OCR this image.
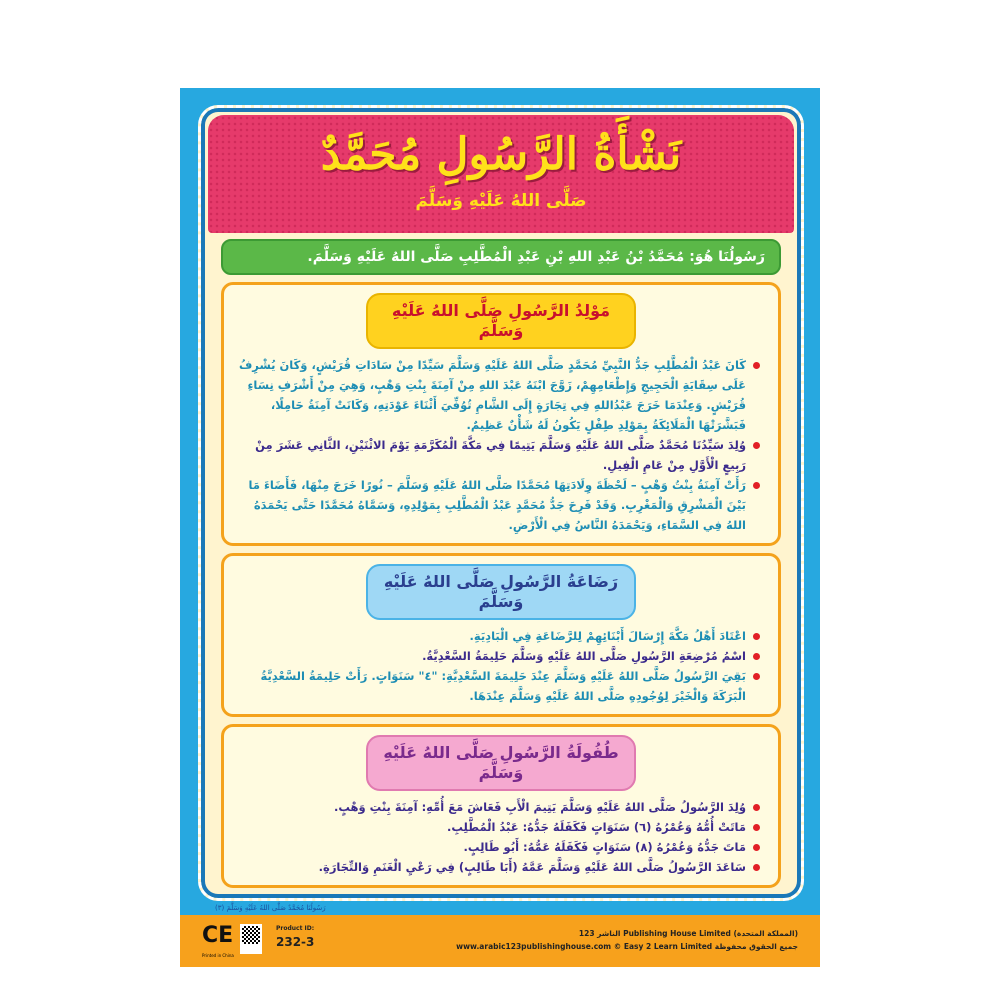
نَشْأَةُ الرَّسُولِ مُحَمَّدٌ
صَلَّى اللهُ عَلَيْهِ وَسَلَّمَ
رَسُولُنَا هُوَ: مُحَمَّدُ بْنُ عَبْدِ اللهِ بْنِ عَبْدِ الْمُطَّلِبِ صَلَّى اللهُ عَلَيْهِ وَسَلَّمَ.
مَوْلِدُ الرَّسُولِ صَلَّى اللهُ عَلَيْهِ وَسَلَّمَ
كَانَ عَبْدُ الْمُطَّلِبِ جَدُّ النَّبِيِّ مُحَمَّدٍ صَلَّى اللهُ عَلَيْهِ وَسَلَّمَ سَيِّدًا مِنْ سَادَاتِ قُرَيْشٍ، وَكَانَ يُشْرِفُ عَلَى سِقَايَةِ الْحَجِيجِ وَإِطْعَامِهِمْ، زَوَّجَ ابْنَهُ عَبْدَ اللهِ مِنْ آمِنَةَ بِنْتِ وَهْبٍ، وَهِيَ مِنْ أَشْرَفِ نِسَاءِ قُرَيْشٍ. وَعِنْدَمَا خَرَجَ عَبْدُاللهِ فِي تِجَارَةٍ إِلَى الشَّامِ تُوُفِّيَ أَثْنَاءَ عَوْدَتِهِ، وَكَانَتْ آمِنَةُ حَامِلًا، فَبَشَّرَتْهَا الْمَلَائِكَةُ بِمَوْلِدِ طِفْلٍ يَكُونُ لَهُ شَأْنٌ عَظِيمٌ.
وُلِدَ سَيِّدُنَا مُحَمَّدٌ صَلَّى اللهُ عَلَيْهِ وَسَلَّمَ يَتِيمًا فِي مَكَّةَ الْمُكَرَّمَةِ يَوْمَ الاثْنَيْنِ، الثَّانِي عَشَرَ مِنْ رَبِيعٍ الْأَوَّلِ مِنْ عَامِ الْفِيلِ.
رَأَتْ آمِنَةُ بِنْتُ وَهْبٍ – لَحْظَةَ وِلَادَتِهَا مُحَمَّدًا صَلَّى اللهُ عَلَيْهِ وَسَلَّمَ – نُورًا خَرَجَ مِنْهَا، فَأَضَاءَ مَا بَيْنَ الْمَشْرِقِ وَالْمَغْرِبِ. وَقَدْ فَرِحَ جَدُّ مُحَمَّدٍ عَبْدُ الْمُطَّلِبِ بِمَوْلِدِهِ، وَسَمَّاهُ مُحَمَّدًا حَتَّى يَحْمَدَهُ اللهُ فِي السَّمَاءِ، وَيَحْمَدَهُ النَّاسُ فِي الْأَرْضِ.
رَضَاعَةُ الرَّسُولِ صَلَّى اللهُ عَلَيْهِ وَسَلَّمَ
اعْتَادَ أَهْلُ مَكَّةَ إِرْسَالَ أَبْنَائِهِمْ لِلرَّضَاعَةِ فِي الْبَادِيَةِ.
اسْمُ مُرْضِعَةِ الرَّسُولِ صَلَّى اللهُ عَلَيْهِ وَسَلَّمَ حَلِيمَةُ السَّعْدِيَّةُ.
بَقِيَ الرَّسُولُ صَلَّى اللهُ عَلَيْهِ وَسَلَّمَ عِنْدَ حَلِيمَةَ السَّعْدِيَّةِ: "٤" سَنَوَاتٍ. رَأَتْ حَلِيمَةُ السَّعْدِيَّةُ الْبَرَكَةَ وَالْخَيْرَ لِوُجُودِهِ صَلَّى اللهُ عَلَيْهِ وَسَلَّمَ عِنْدَهَا.
طُفُولَةُ الرَّسُولِ صَلَّى اللهُ عَلَيْهِ وَسَلَّمَ
وُلِدَ الرَّسُولُ صَلَّى اللهُ عَلَيْهِ وَسَلَّمَ يَتِيمَ الْأَبِ فَعَاشَ مَعَ أُمِّهِ: آمِنَةَ بِنْتِ وَهْبٍ.
مَاتَتْ أُمُّهُ وَعُمْرُهُ (٦) سَنَوَاتٍ فَكَفَلَهُ جَدُّهُ: عَبْدُ الْمُطَّلِبِ.
مَاتَ جَدُّهُ وَعُمْرُهُ (٨) سَنَوَاتٍ فَكَفَلَهُ عَمُّهُ: أَبُو طَالِبٍ.
سَاعَدَ الرَّسُولُ صَلَّى اللهُ عَلَيْهِ وَسَلَّمَ عَمَّهُ (أَبَا طَالِبٍ) فِي رَعْيِ الْغَنَمِ وَالتِّجَارَةِ.
رَسُولُنَا مُحَمَّدٌ صَلَّى اللهُ عَلَيْهِ وَسَلَّمَ (٣)
CE
Printed in China
Product ID:
232-3
الناشر 123 Publishing House Limited (المملكة المتحدة)
www.arabic123publishinghouse.com © Easy 2 Learn Limited جميع الحقوق محفوظة
